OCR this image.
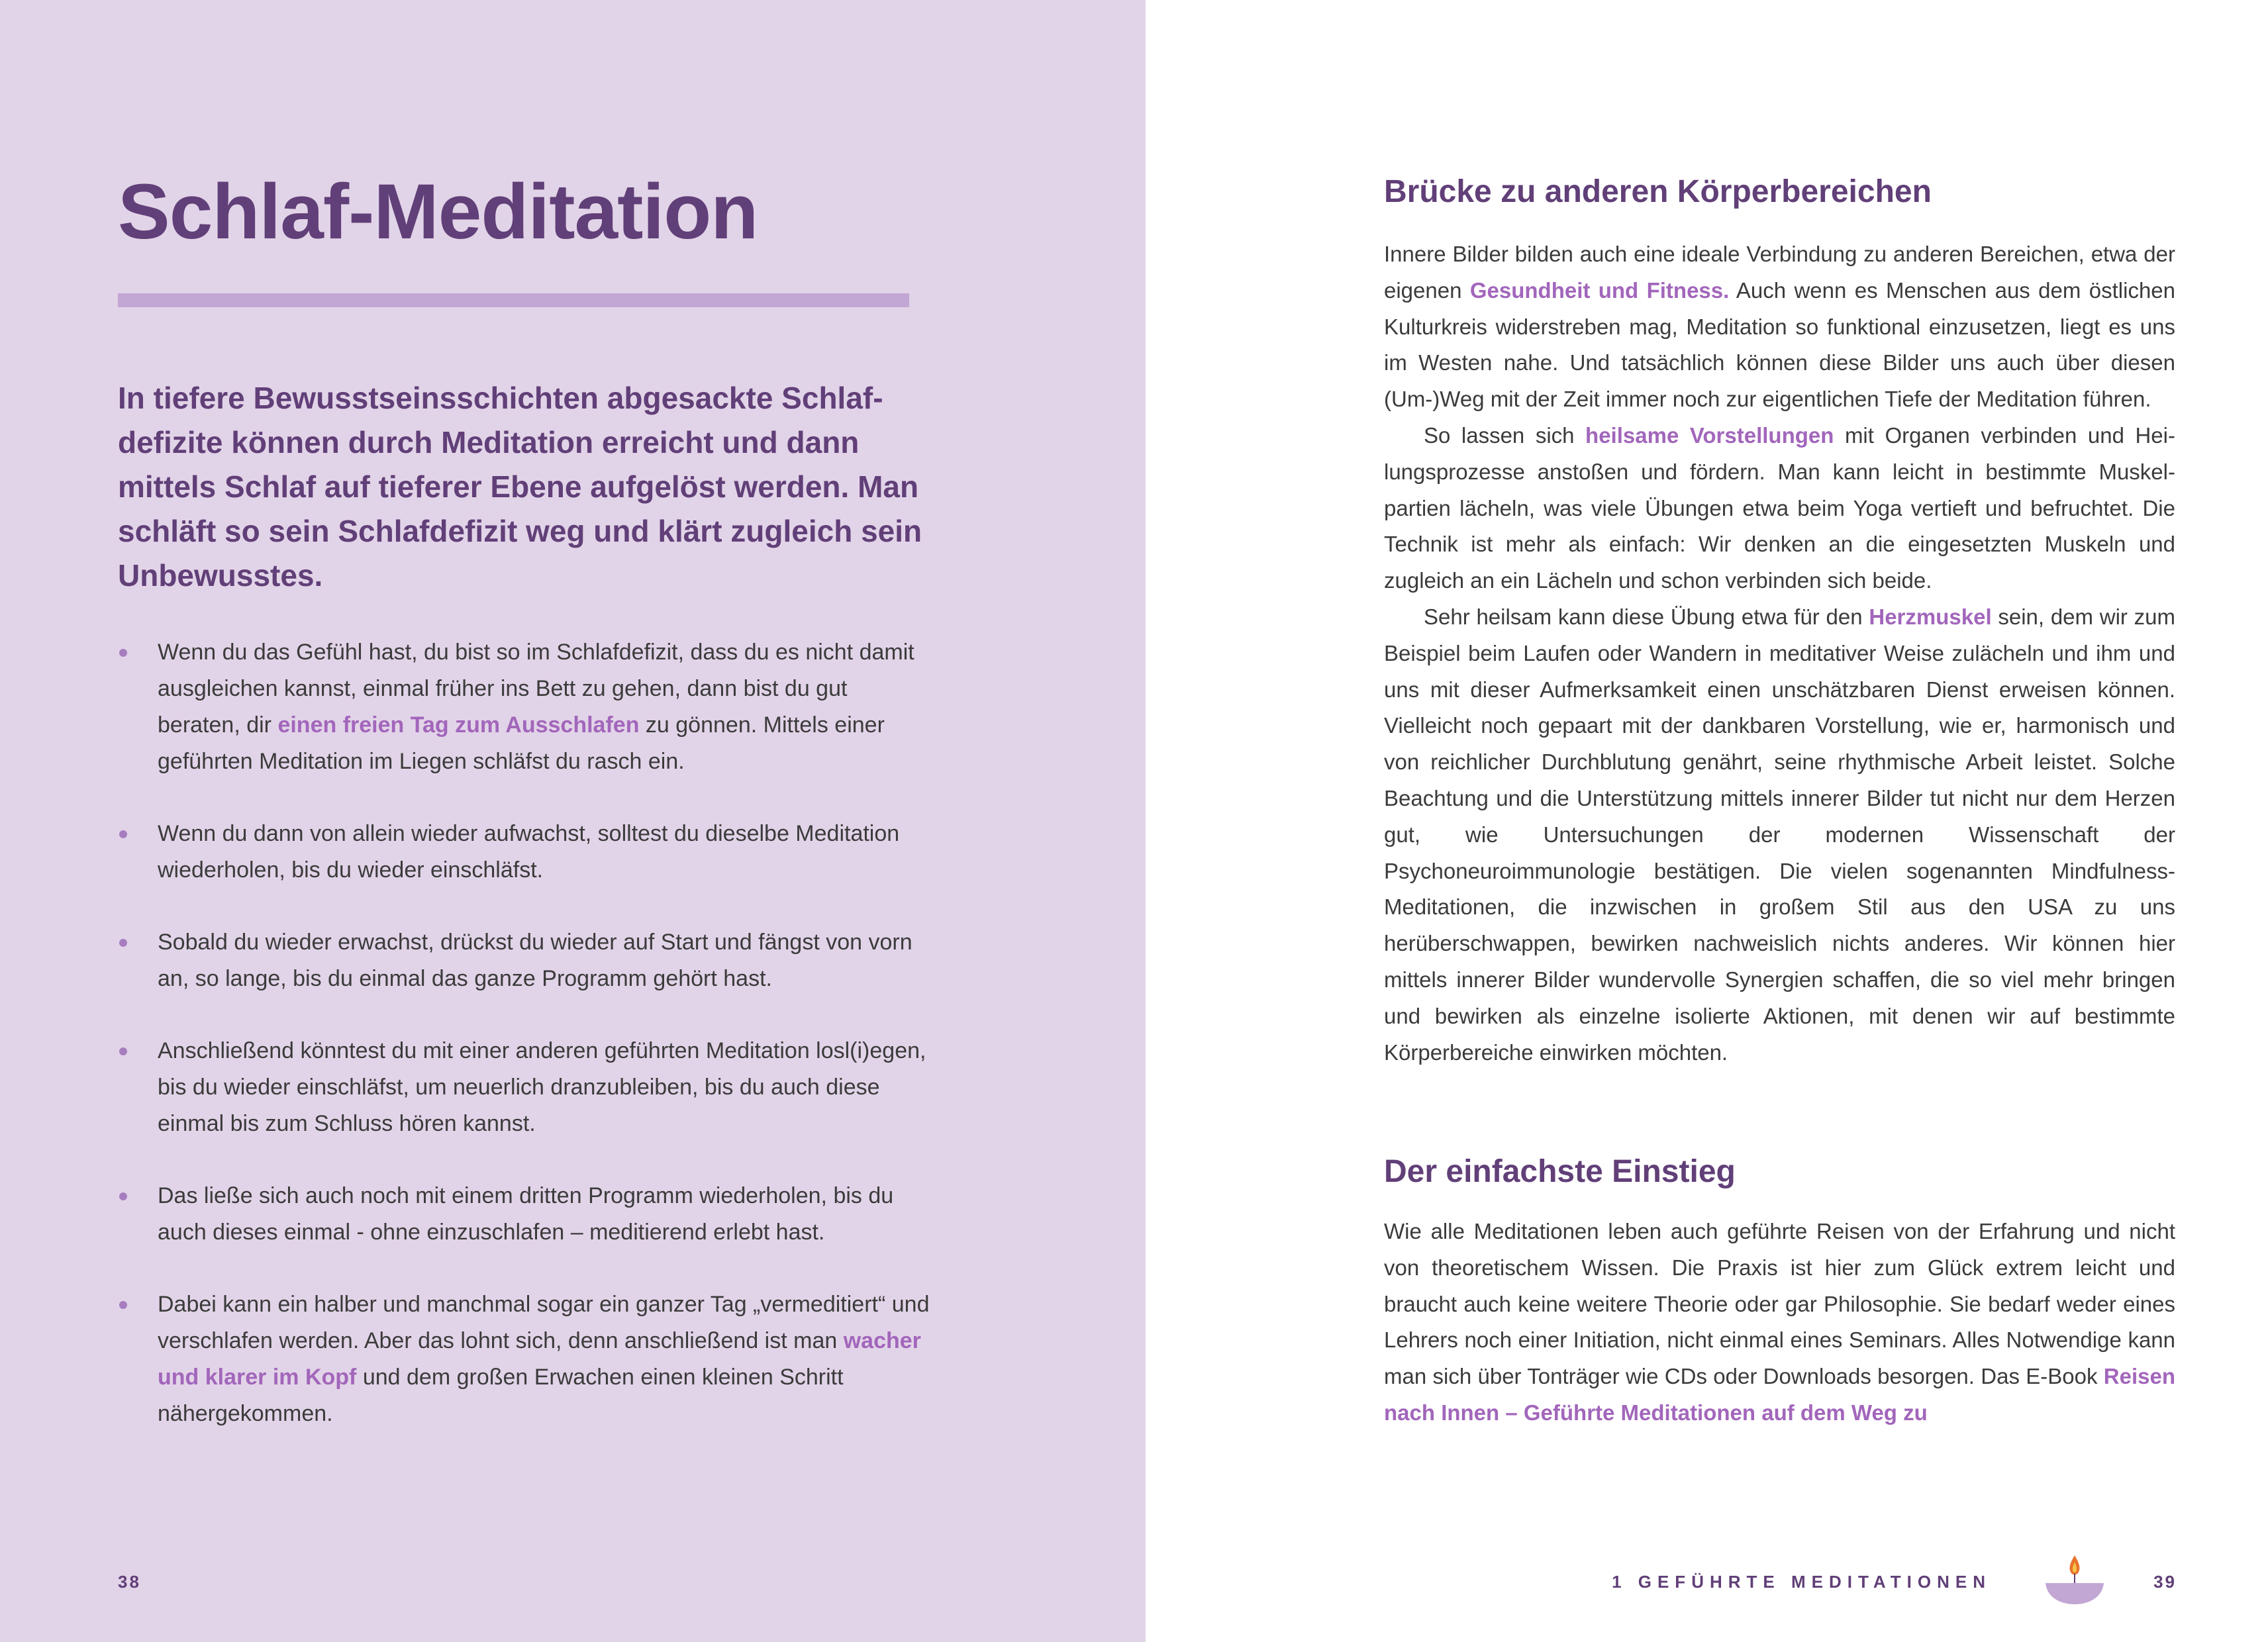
Schlaf-Meditation

In tiefere Bewusstseinsschichten abgesackte Schlafdefizite können durch Meditation erreicht und dann mittels Schlaf auf tieferer Ebene aufgelöst werden. Man schläft so sein Schlafdefizit weg und klärt zugleich sein Unbewusstes.

Wenn du das Gefühl hast, du bist so im Schlafdefizit, dass du es nicht damit ausgleichen kannst, einmal früher ins Bett zu gehen, dann bist du gut beraten, dir einen freien Tag zum Ausschlafen zu gönnen. Mittels einer geführten Meditation im Liegen schläfst du rasch ein.
Wenn du dann von allein wieder aufwachst, solltest du dieselbe Meditation wiederholen, bis du wieder einschläfst.
Sobald du wieder erwachst, drückst du wieder auf Start und fängst von vorn an, so lange, bis du einmal das ganze Programm gehört hast.
Anschließend könntest du mit einer anderen geführten Meditation losl(i)egen, bis du wieder einschläfst, um neuerlich dranzubleiben, bis du auch diese einmal bis zum Schluss hören kannst.
Das ließe sich auch noch mit einem dritten Programm wiederholen, bis du auch dieses einmal - ohne einzuschlafen – meditierend erlebt hast.
Dabei kann ein halber und manchmal sogar ein ganzer Tag „vermeditiert“ und verschlafen werden. Aber das lohnt sich, denn anschließend ist man wacher und klarer im Kopf und dem großen Erwachen einen kleinen Schritt nähergekommen.
38
Brücke zu anderen Körperbereichen

Innere Bilder bilden auch eine ideale Verbindung zu anderen Bereichen, etwa der eigenen Gesundheit und Fitness. Auch wenn es Menschen aus dem östlichen Kulturkreis widerstreben mag, Meditation so funktional einzusetzen, liegt es uns im Westen nahe. Und tatsächlich können diese Bilder uns auch über diesen (Um-)Weg mit der Zeit immer noch zur eigentlichen Tiefe der Meditation führen.

So lassen sich heilsame Vorstellungen mit Organen verbinden und Heilungsprozesse anstoßen und fördern. Man kann leicht in bestimmte Muskelpartien lächeln, was viele Übungen etwa beim Yoga vertieft und befruchtet. Die Technik ist mehr als einfach: Wir denken an die eingesetzten Muskeln und zugleich an ein Lächeln und schon verbinden sich beide.

Sehr heilsam kann diese Übung etwa für den Herzmuskel sein, dem wir zum Beispiel beim Laufen oder Wandern in meditativer Weise zulächeln und ihm und uns mit dieser Aufmerksamkeit einen unschätzbaren Dienst erweisen können. Vielleicht noch gepaart mit der dankbaren Vorstellung, wie er, harmonisch und von reichlicher Durchblutung genährt, seine rhythmische Arbeit leistet. Solche Beachtung und die Unterstützung mittels innerer Bilder tut nicht nur dem Herzen gut, wie Untersuchungen der modernen Wissenschaft der Psychoneuroimmunologie bestätigen. Die vielen sogenannten Mindfulness-Meditationen, die inzwischen in großem Stil aus den USA zu uns herüberschwappen, bewirken nachweislich nichts anderes. Wir können hier mittels innerer Bilder wundervolle Synergien schaffen, die so viel mehr bringen und bewirken als einzelne isolierte Aktionen, mit denen wir auf bestimmte Körperbereiche einwirken möchten.

Der einfachste Einstieg

Wie alle Meditationen leben auch geführte Reisen von der Erfahrung und nicht von theoretischem Wissen. Die Praxis ist hier zum Glück extrem leicht und braucht auch keine weitere Theorie oder gar Philosophie. Sie bedarf weder eines Lehrers noch einer Initiation, nicht einmal eines Seminars. Alles Notwendige kann man sich über Tonträger wie CDs oder Downloads besorgen. Das E-Book Reisen nach Innen – Geführte Meditationen auf dem Weg zu

1 GEFÜHRTE MEDITATIONEN	39
